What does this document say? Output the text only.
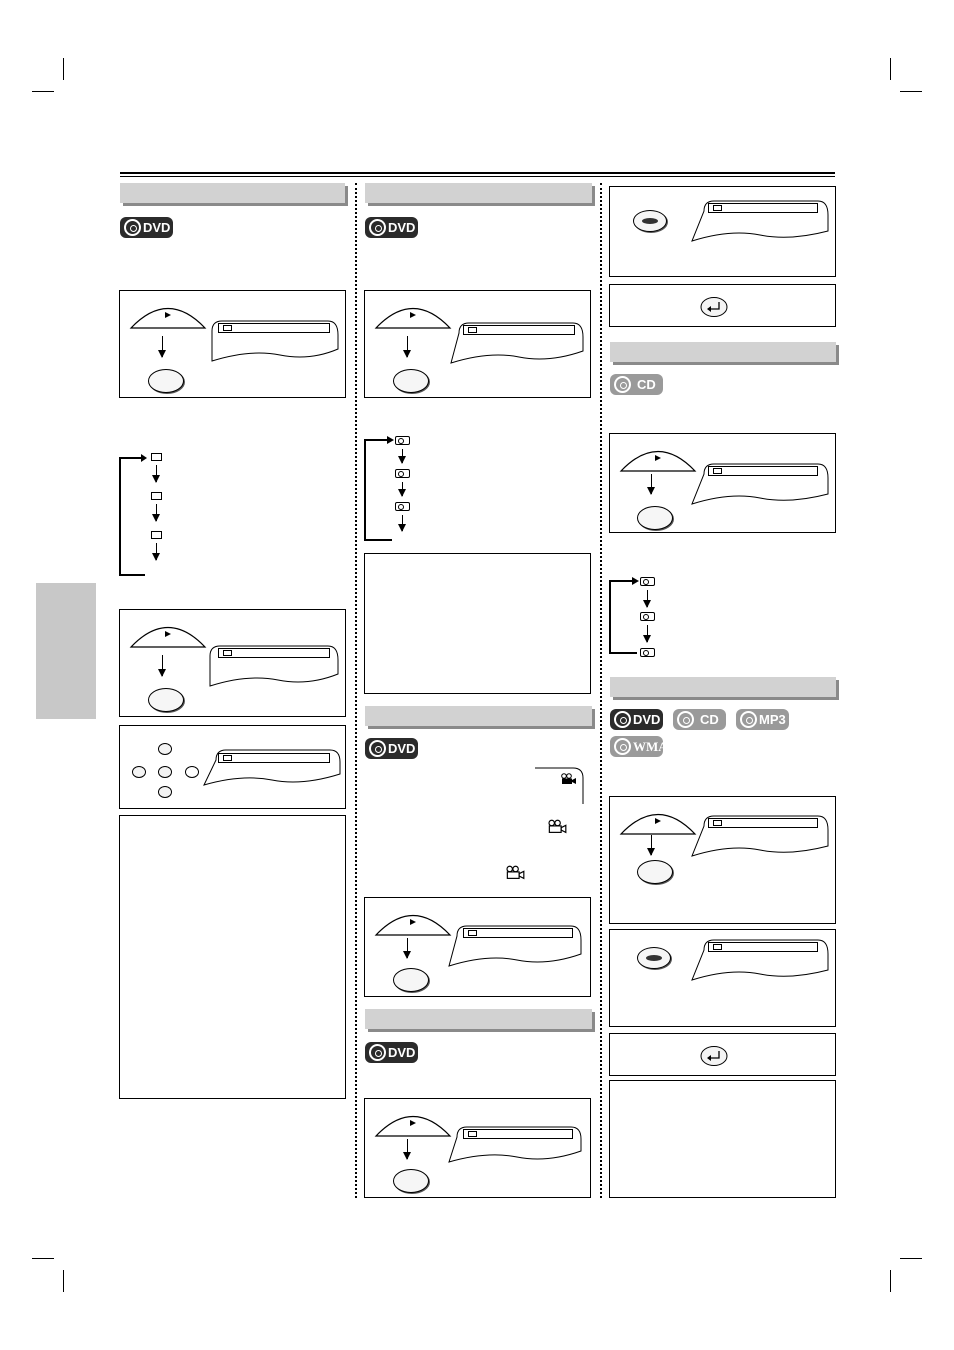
DVD	DVD
DVD
DVD
CD
DVD	CD	MP3
WMA
